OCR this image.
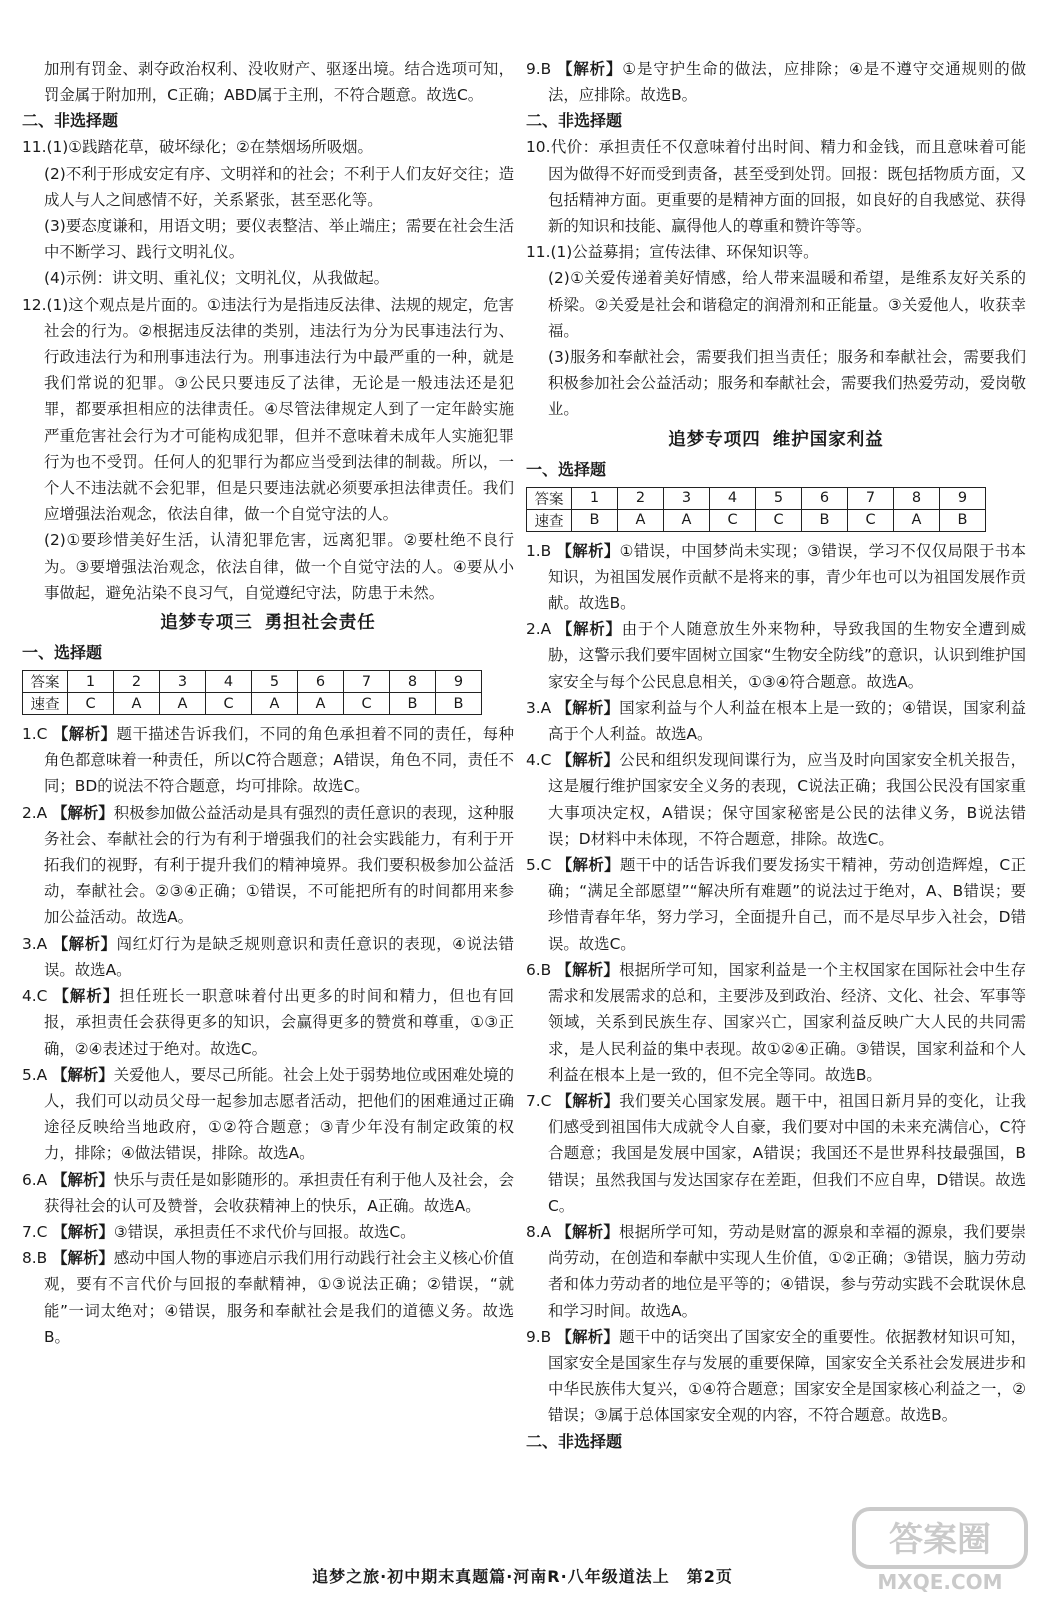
加刑有罚金、剥夺政治权利、没收财产、驱逐出境。结合选项可知，罚金属于附加刑，C正确；ABD属于主刑，不符合题意。故选C。

二、非选择题

11.(1)①践踏花草，破坏绿化；②在禁烟场所吸烟。

(2)不利于形成安定有序、文明祥和的社会；不利于人们友好交往；造成人与人之间感情不好，关系紧张，甚至恶化等。

(3)要态度谦和，用语文明；要仪表整洁、举止端庄；需要在社会生活中不断学习、践行文明礼仪。

(4)示例：讲文明、重礼仪；文明礼仪，从我做起。

12.(1)这个观点是片面的。①违法行为是指违反法律、法规的规定，危害社会的行为。②根据违反法律的类别，违法行为分为民事违法行为、行政违法行为和刑事违法行为。刑事违法行为中最严重的一种，就是我们常说的犯罪。③公民只要违反了法律，无论是一般违法还是犯罪，都要承担相应的法律责任。④尽管法律规定人到了一定年龄实施严重危害社会行为才可能构成犯罪，但并不意味着未成年人实施犯罪行为也不受罚。任何人的犯罪行为都应当受到法律的制裁。所以，一个人不违法就不会犯罪，但是只要违法就必须要承担法律责任。我们应增强法治观念，依法自律，做一个自觉守法的人。

(2)①要珍惜美好生活，认清犯罪危害，远离犯罪。②要杜绝不良行为。③要增强法治观念，依法自律，做一个自觉守法的人。④要从小事做起，避免沾染不良习气，自觉遵纪守法，防患于未然。

追梦专项三 勇担社会责任
一、选择题
答案	1	2	3	4	5	6	7	8	9
速查	C	A	A	C	A	A	C	B	B

1.C 【解析】题干描述告诉我们，不同的角色承担着不同的责任，每种角色都意味着一种责任，所以C符合题意；A错误，角色不同，责任不同；BD的说法不符合题意，均可排除。故选C。

2.A 【解析】积极参加做公益活动是具有强烈的责任意识的表现，这种服务社会、奉献社会的行为有利于增强我们的社会实践能力，有利于开拓我们的视野，有利于提升我们的精神境界。我们要积极参加公益活动，奉献社会。②③④正确；①错误，不可能把所有的时间都用来参加公益活动。故选A。

3.A 【解析】闯红灯行为是缺乏规则意识和责任意识的表现，④说法错误。故选A。

4.C 【解析】担任班长一职意味着付出更多的时间和精力，但也有回报，承担责任会获得更多的知识，会赢得更多的赞赏和尊重，①③正确，②④表述过于绝对。故选C。

5.A 【解析】关爱他人，要尽己所能。社会上处于弱势地位或困难处境的人，我们可以动员父母一起参加志愿者活动，把他们的困难通过正确途径反映给当地政府，①②符合题意；③青少年没有制定政策的权力，排除；④做法错误，排除。故选A。

6.A 【解析】快乐与责任是如影随形的。承担责任有利于他人及社会，会获得社会的认可及赞誉，会收获精神上的快乐，A正确。故选A。

7.C 【解析】③错误，承担责任不求代价与回报。故选C。

8.B 【解析】感动中国人物的事迹启示我们用行动践行社会主义核心价值观，要有不言代价与回报的奉献精神，①③说法正确；②错误，“就能”一词太绝对；④错误，服务和奉献社会是我们的道德义务。故选B。

9.B 【解析】①是守护生命的做法，应排除；④是不遵守交通规则的做法，应排除。故选B。

二、非选择题

10.代价：承担责任不仅意味着付出时间、精力和金钱，而且意味着可能因为做得不好而受到责备，甚至受到处罚。回报：既包括物质方面，又包括精神方面。更重要的是精神方面的回报，如良好的自我感觉、获得新的知识和技能、赢得他人的尊重和赞许等等。

11.(1)公益募捐；宣传法律、环保知识等。

(2)①关爱传递着美好情感，给人带来温暖和希望，是维系友好关系的桥梁。②关爱是社会和谐稳定的润滑剂和正能量。③关爱他人，收获幸福。

(3)服务和奉献社会，需要我们担当责任；服务和奉献社会，需要我们积极参加社会公益活动；服务和奉献社会，需要我们热爱劳动，爱岗敬业。

追梦专项四 维护国家利益
一、选择题
答案	1	2	3	4	5	6	7	8	9
速查	B	A	A	C	C	B	C	A	B

1.B 【解析】①错误，中国梦尚未实现；③错误，学习不仅仅局限于书本知识，为祖国发展作贡献不是将来的事，青少年也可以为祖国发展作贡献。故选B。

2.A 【解析】由于个人随意放生外来物种，导致我国的生物安全遭到威胁，这警示我们要牢固树立国家“生物安全防线”的意识，认识到维护国家安全与每个公民息息相关，①③④符合题意。故选A。

3.A 【解析】国家利益与个人利益在根本上是一致的；④错误，国家利益高于个人利益。故选A。

4.C 【解析】公民和组织发现间谍行为，应当及时向国家安全机关报告，这是履行维护国家安全义务的表现，C说法正确；我国公民没有国家重大事项决定权，A错误；保守国家秘密是公民的法律义务，B说法错误；D材料中未体现，不符合题意，排除。故选C。

5.C 【解析】题干中的话告诉我们要发扬实干精神，劳动创造辉煌，C正确；“满足全部愿望”“解决所有难题”的说法过于绝对，A、B错误；要珍惜青春年华，努力学习，全面提升自己，而不是尽早步入社会，D错误。故选C。

6.B 【解析】根据所学可知，国家利益是一个主权国家在国际社会中生存需求和发展需求的总和，主要涉及到政治、经济、文化、社会、军事等领域，关系到民族生存、国家兴亡，国家利益反映广大人民的共同需求，是人民利益的集中表现。故①②④正确。③错误，国家利益和个人利益在根本上是一致的，但不完全等同。故选B。

7.C 【解析】我们要关心国家发展。题干中，祖国日新月异的变化，让我们感受到祖国伟大成就令人自豪，我们要对中国的未来充满信心，C符合题意；我国是发展中国家，A错误；我国还不是世界科技最强国，B错误；虽然我国与发达国家存在差距，但我们不应自卑，D错误。故选C。

8.A 【解析】根据所学可知，劳动是财富的源泉和幸福的源泉，我们要崇尚劳动，在创造和奉献中实现人生价值，①②正确；③错误，脑力劳动者和体力劳动者的地位是平等的；④错误，参与劳动实践不会耽误休息和学习时间。故选A。

9.B 【解析】题干中的话突出了国家安全的重要性。依据教材知识可知，国家安全是国家生存与发展的重要保障，国家安全关系社会发展进步和中华民族伟大复兴，①④符合题意；国家安全是国家核心利益之一，②错误；③属于总体国家安全观的内容，不符合题意。故选B。

二、非选择题
追梦之旅·初中期末真题篇·河南R·八年级道法上　第2页
答案圈
MXQE.COM
